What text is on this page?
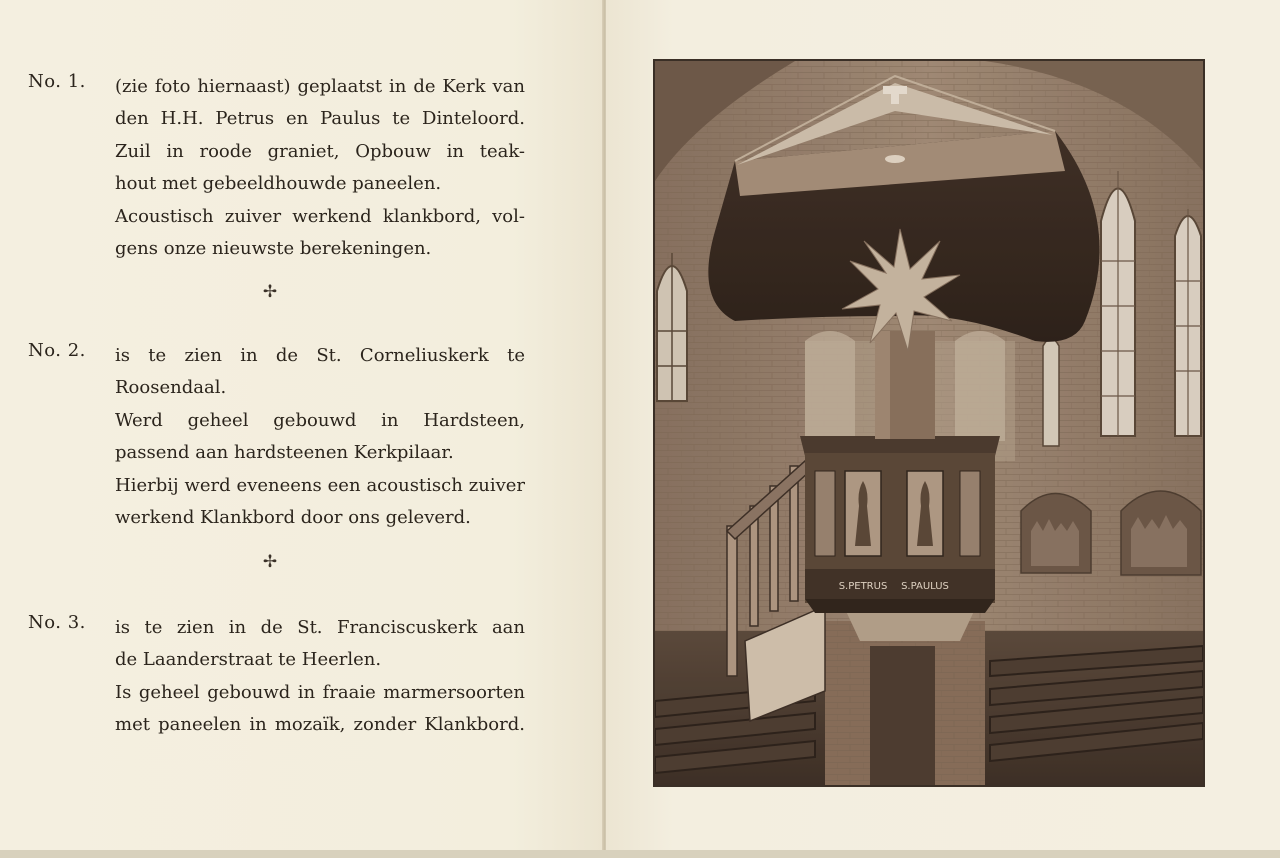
No. 1. (zie foto hiernaast) geplaatst in de Kerk van
den H.H. Petrus en Paulus te Dinteloord.
Zuil in roode graniet, Opbouw in teak-
hout met gebeeldhouwde paneelen.
Acoustisch zuiver werkend klankbord, vol-
gens onze nieuwste berekeningen.
✢
No. 2. is te zien in de St. Corneliuskerk te
Roosendaal.
Werd geheel gebouwd in Hardsteen,
passend aan hardsteenen Kerkpilaar.
Hierbij werd eveneens een acoustisch zuiver
werkend Klankbord door ons geleverd.
✢
No. 3. is te zien in de St. Franciscuskerk aan
de Laanderstraat te Heerlen.
Is geheel gebouwd in fraaie marmersoorten
met paneelen in mozaïk, zonder Klankbord.
S.PETRUS S.PAULUS
